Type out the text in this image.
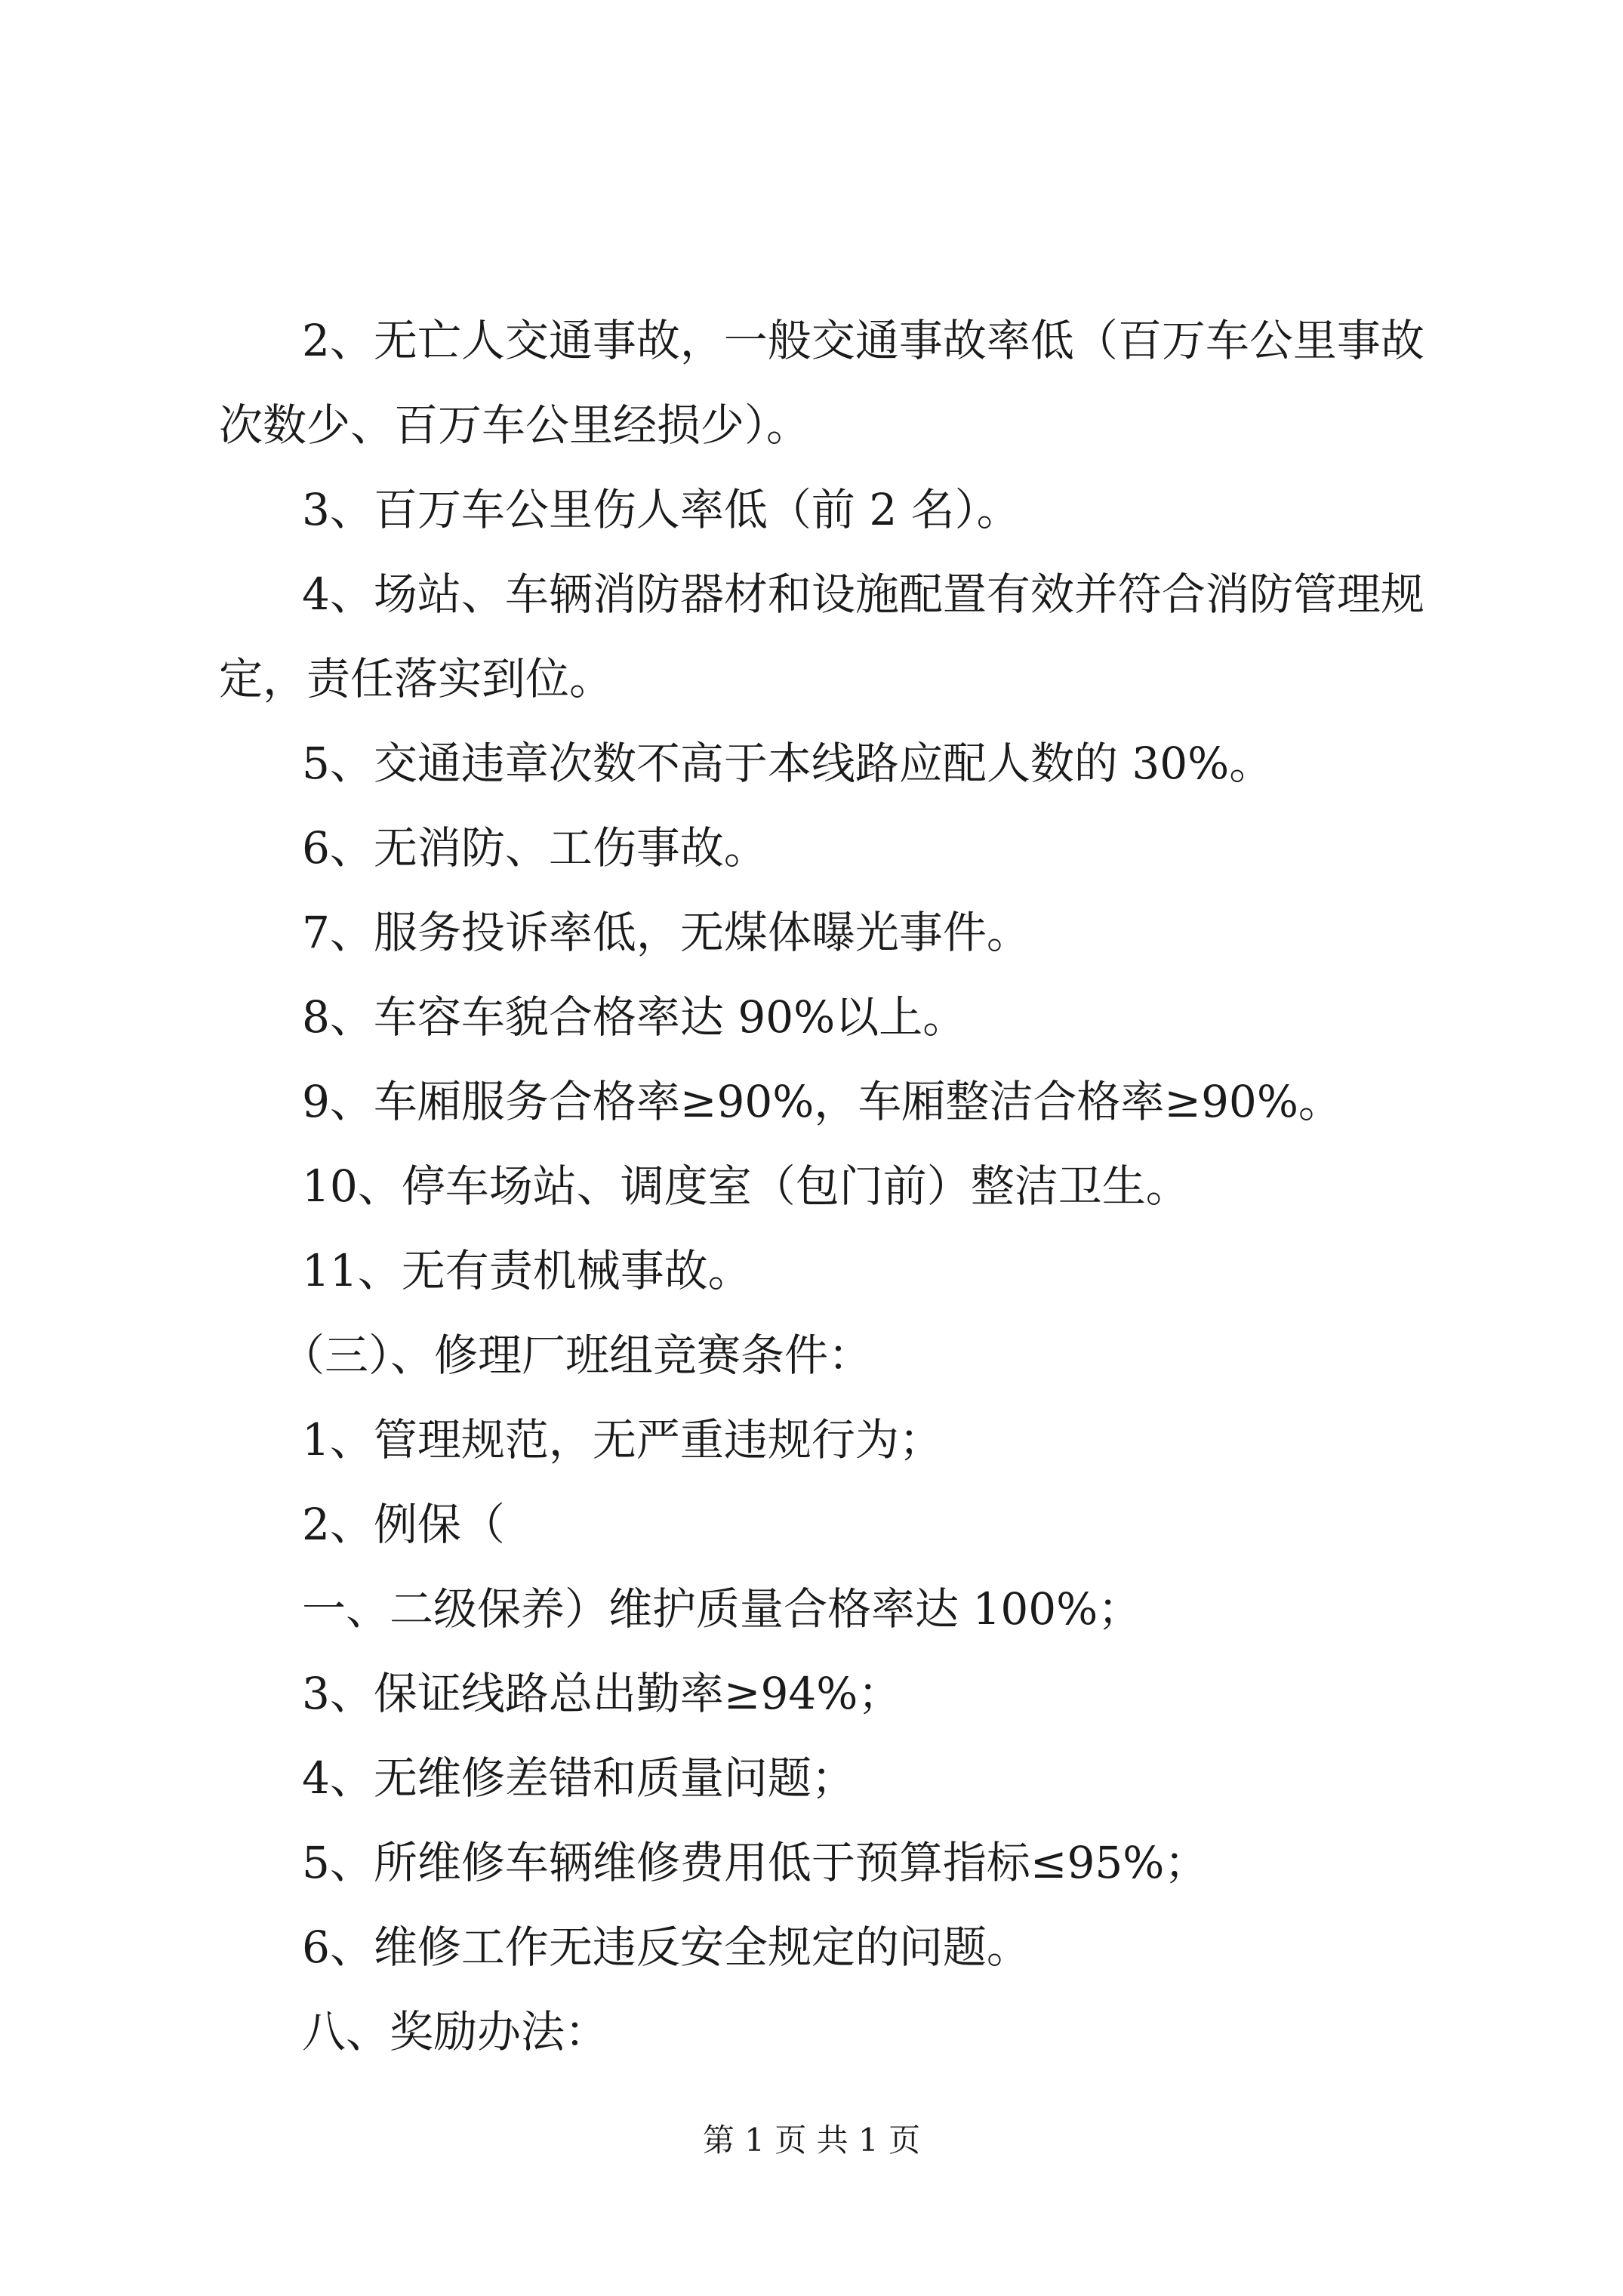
2、无亡人交通事故，一般交通事故率低（百万车公里事故
次数少、百万车公里经损少）。
3、百万车公里伤人率低（前 2 名）。
4、场站、车辆消防器材和设施配置有效并符合消防管理规
定，责任落实到位。
5、交通违章次数不高于本线路应配人数的 30%。
6、无消防、工伤事故。
7、服务投诉率低，无煤体曝光事件。
8、车容车貌合格率达 90%以上。
9、车厢服务合格率≥90%，车厢整洁合格率≥90%。
10、停车场站、调度室（包门前）整洁卫生。
11、无有责机械事故。
（三）、修理厂班组竞赛条件：
1、管理规范，无严重违规行为；
2、例保（
一、二级保养）维护质量合格率达 100%；
3、保证线路总出勤率≥94%；
4、无维修差错和质量问题；
5、所维修车辆维修费用低于预算指标≤95%；
6、维修工作无违反安全规定的问题。
八、奖励办法：
第 1 页 共 1 页
